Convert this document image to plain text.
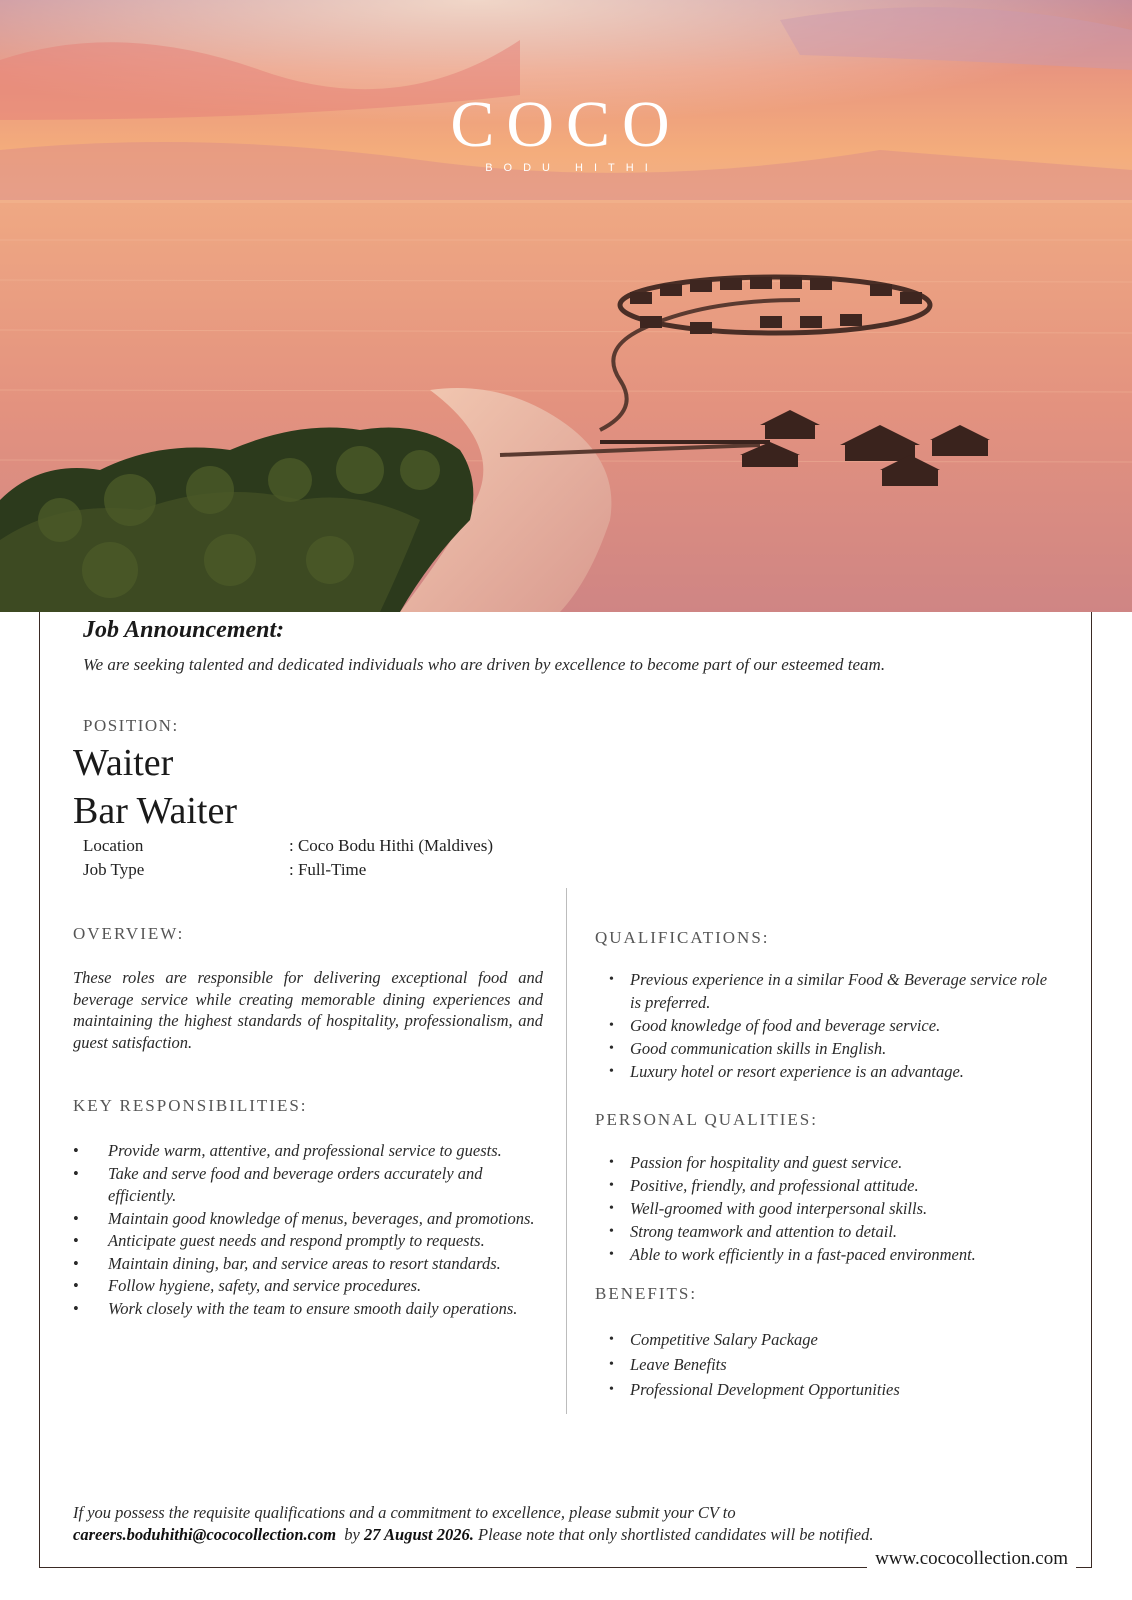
COCO
BODU HITHI
www.cococollection.com
Job Announcement:
We are seeking talented and dedicated individuals who are driven by excellence to become part of our esteemed team.
POSITION:
Waiter
Bar Waiter
Location	: Coco Bodu Hithi (Maldives)
Job Type	: Full-Time
OVERVIEW:
These roles are responsible for delivering exceptional food and beverage service while creating memorable dining experiences and maintaining the highest standards of hospitality, professionalism, and guest satisfaction.
KEY RESPONSIBILITIES:
• Provide warm, attentive, and professional service to guests.
• Take and serve food and beverage orders accurately and efficiently.
• Maintain good knowledge of menus, beverages, and promotions.
• Anticipate guest needs and respond promptly to requests.
• Maintain dining, bar, and service areas to resort standards.
• Follow hygiene, safety, and service procedures.
• Work closely with the team to ensure smooth daily operations.
QUALIFICATIONS:
• Previous experience in a similar Food & Beverage service role is preferred.
• Good knowledge of food and beverage service.
• Good communication skills in English.
• Luxury hotel or resort experience is an advantage.
PERSONAL QUALITIES:
• Passion for hospitality and guest service.
• Positive, friendly, and professional attitude.
• Well-groomed with good interpersonal skills.
• Strong teamwork and attention to detail.
• Able to work efficiently in a fast-paced environment.
BENEFITS:
• Competitive Salary Package
• Leave Benefits
• Professional Development Opportunities
If you possess the requisite qualifications and a commitment to excellence, please submit your CV to
careers.boduhithi@cococollection.com by 27 August 2026. Please note that only shortlisted candidates will be notified.
